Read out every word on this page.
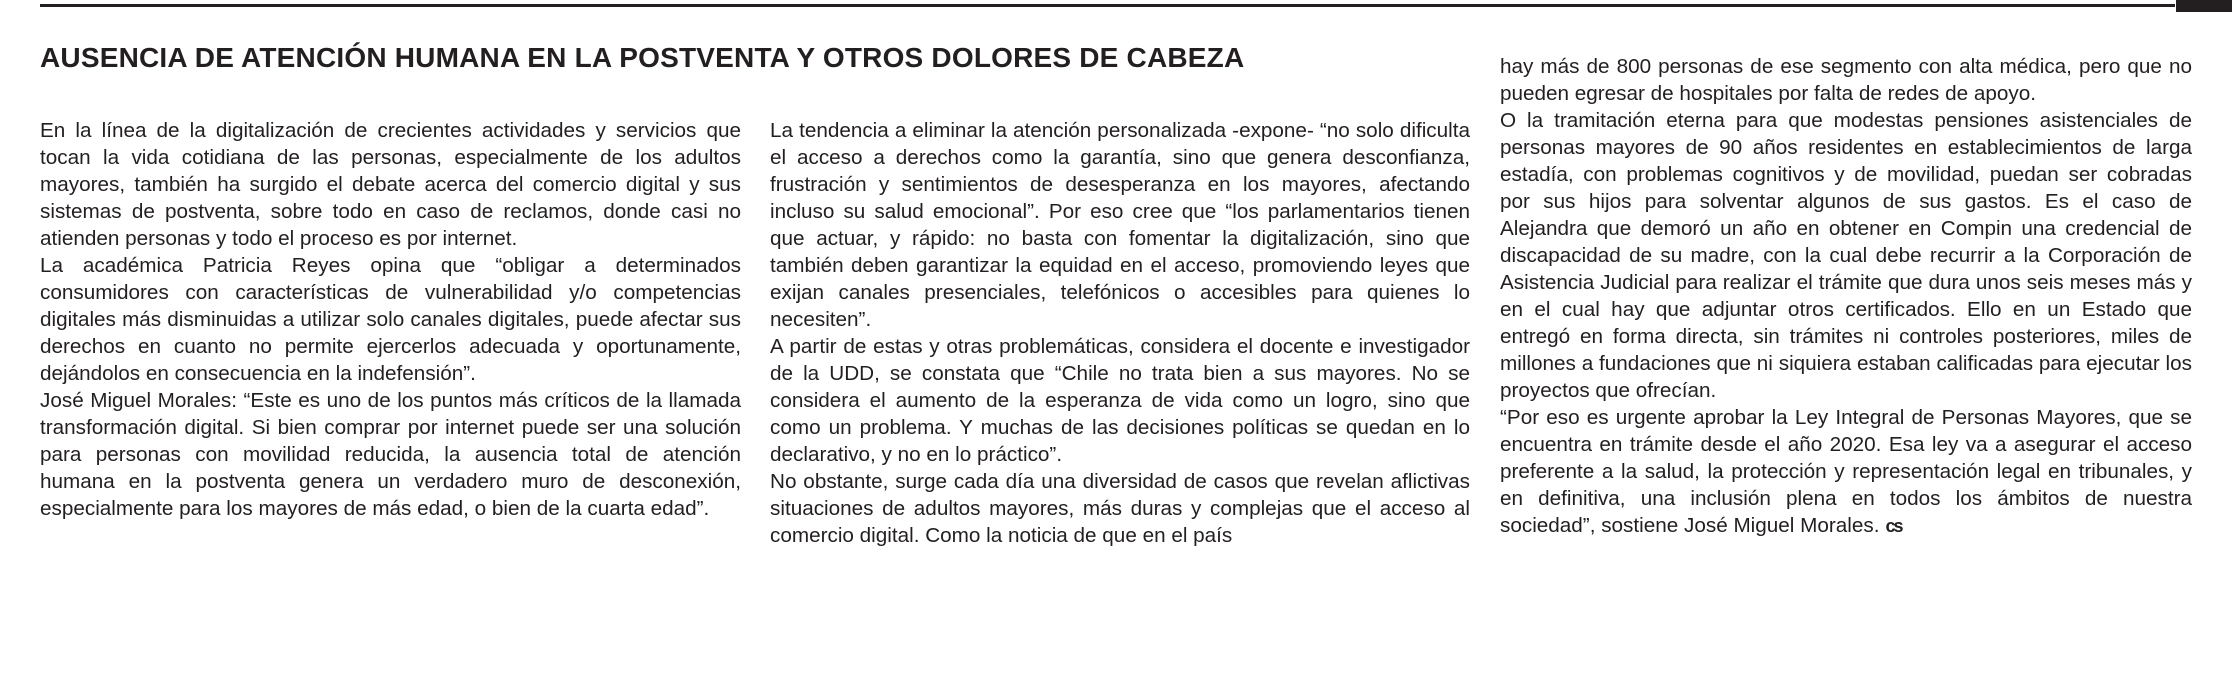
AUSENCIA DE ATENCIÓN HUMANA EN LA POSTVENTA Y OTROS DOLORES DE CABEZA

En la línea de la digitalización de crecientes actividades y servicios que tocan la vida cotidiana de las personas, especialmente de los adultos mayores, también ha surgido el debate acerca del comercio digital y sus sistemas de postventa, sobre todo en caso de reclamos, donde casi no atienden personas y todo el proceso es por internet.

La académica Patricia Reyes opina que “obligar a determinados consumidores con características de vulnerabilidad y/o competencias digitales más disminuidas a utilizar solo canales digitales, puede afectar sus derechos en cuanto no permite ejercerlos adecuada y oportunamente, dejándolos en consecuencia en la indefensión”.

José Miguel Morales: “Este es uno de los puntos más críticos de la llamada transformación digital. Si bien comprar por internet puede ser una solución para personas con movilidad reducida, la ausencia total de atención humana en la postventa genera un verdadero muro de desconexión, especialmente para los mayores de más edad, o bien de la cuarta edad”.

La tendencia a eliminar la atención personalizada -expone- “no solo dificulta el acceso a derechos como la garantía, sino que genera desconfianza, frustración y sentimientos de desesperanza en los mayores, afectando incluso su salud emocional”. Por eso cree que “los parlamentarios tienen que actuar, y rápido: no basta con fomentar la digitalización, sino que también deben garantizar la equidad en el acceso, promoviendo leyes que exijan canales presenciales, telefónicos o accesibles para quienes lo necesiten”.

A partir de estas y otras problemáticas, considera el docente e investigador de la UDD, se constata que “Chile no trata bien a sus mayores. No se considera el aumento de la esperanza de vida como un logro, sino que como un problema. Y muchas de las decisiones políticas se quedan en lo declarativo, y no en lo práctico”.

No obstante, surge cada día una diversidad de casos que revelan aflictivas situaciones de adultos mayores, más duras y complejas que el acceso al comercio digital. Como la noticia de que en el país

hay más de 800 personas de ese segmento con alta médica, pero que no pueden egresar de hospitales por falta de redes de apoyo.

O la tramitación eterna para que modestas pensiones asistenciales de personas mayores de 90 años residentes en establecimientos de larga estadía, con problemas cognitivos y de movilidad, puedan ser cobradas por sus hijos para solventar algunos de sus gastos. Es el caso de Alejandra que demoró un año en obtener en Compin una credencial de discapacidad de su madre, con la cual debe recurrir a la Corporación de Asistencia Judicial para realizar el trámite que dura unos seis meses más y en el cual hay que adjuntar otros certificados. Ello en un Estado que entregó en forma directa, sin trámites ni controles posteriores, miles de millones a fundaciones que ni siquiera estaban calificadas para ejecutar los proyectos que ofrecían.

“Por eso es urgente aprobar la Ley Integral de Personas Mayores, que se encuentra en trámite desde el año 2020. Esa ley va a asegurar el acceso preferente a la salud, la protección y representación legal en tribunales, y en definitiva, una inclusión plena en todos los ámbitos de nuestra sociedad”, sostiene José Miguel Morales. cs
